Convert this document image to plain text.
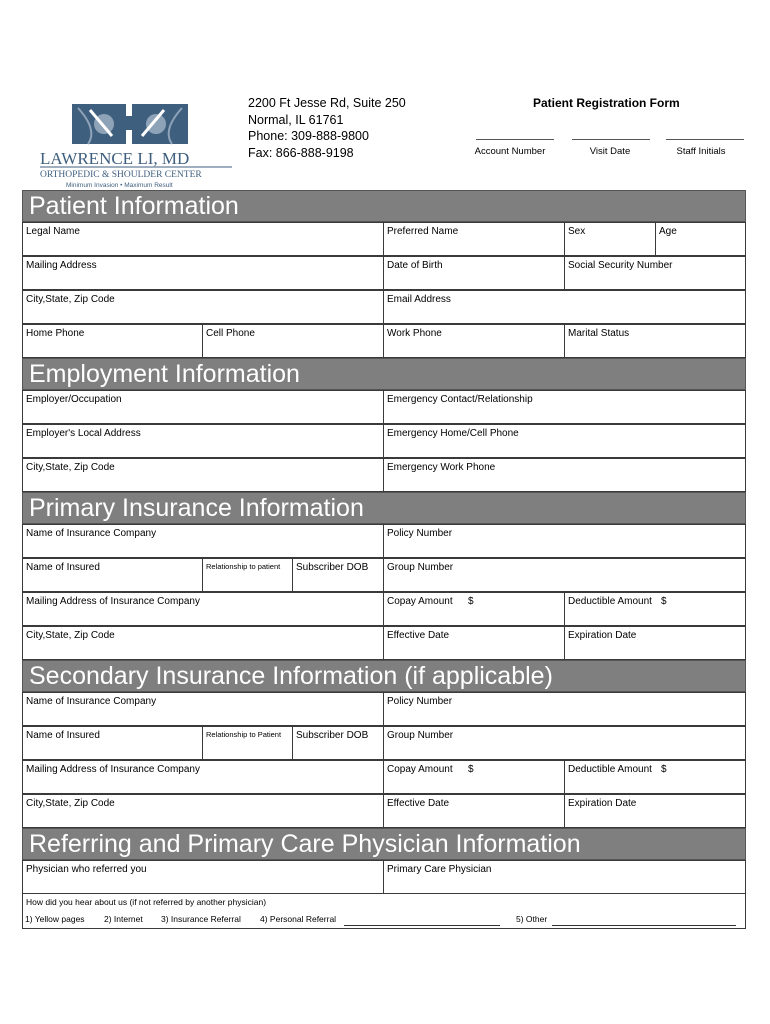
LAWRENCE LI, MD
ORTHOPEDIC & SHOULDER CENTER
Minimum Invasion • Maximum Result
2200 Ft Jesse Rd, Suite 250
Normal, IL 61761
Phone: 309-888-9800
Fax: 866-888-9198
Patient Registration Form
Account Number	Visit Date	Staff Initials
Patient Information
Legal Name	Preferred Name	Sex	Age
Mailing Address	Date of Birth	Social Security Number
City,State, Zip Code	Email Address
Home Phone	Cell Phone	Work Phone	Marital Status
Employment Information
Employer/Occupation	Emergency Contact/Relationship
Employer's Local Address	Emergency Home/Cell Phone
City,State, Zip Code	Emergency Work Phone
Primary Insurance Information
Name of Insurance Company	Policy Number
Name of Insured	Relationship to patient	Subscriber DOB	Group Number
Mailing Address of Insurance Company	Copay Amount $	Deductible Amount $
City,State, Zip Code	Effective Date	Expiration Date
Secondary Insurance Information (if applicable)
Name of Insurance Company	Policy Number
Name of Insured	Relationship to Patient	Subscriber DOB	Group Number
Mailing Address of Insurance Company	Copay Amount $	Deductible Amount $
City,State, Zip Code	Effective Date	Expiration Date
Referring and Primary Care Physician Information
Physician who referred you	Primary Care Physician
How did you hear about us (if not referred by another physician)
1) Yellow pages 2) Internet 3) Insurance Referral 4) Personal Referral	5) Other
